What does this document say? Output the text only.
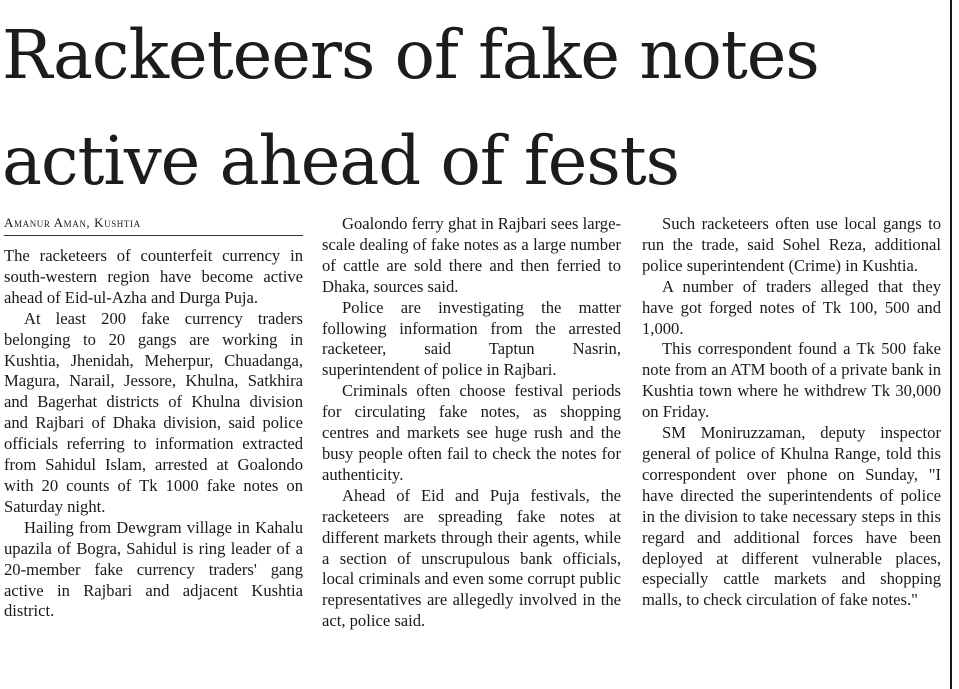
Racketeers of fake notes
active ahead of fests
Amanur Aman, Kushtia

The racketeers of counterfeit currency in south-western region have become active ahead of Eid-ul-Azha and Durga Puja.

At least 200 fake currency traders belonging to 20 gangs are working in Kushtia, Jhenidah, Meherpur, Chuadanga, Magura, Narail, Jessore, Khulna, Satkhira and Bagerhat districts of Khulna division and Rajbari of Dhaka division, said police officials referring to information extracted from Sahidul Islam, arrested at Goalondo with 20 counts of Tk 1000 fake notes on Saturday night.

Hailing from Dewgram village in Kahalu upazila of Bogra, Sahidul is ring leader of a 20-member fake currency traders' gang active in Rajbari and adjacent Kushtia district.

Goalondo ferry ghat in Rajbari sees large-scale dealing of fake notes as a large number of cattle are sold there and then ferried to Dhaka, sources said.

Police are investigating the matter following information from the arrested racketeer, said Taptun Nasrin, superintendent of police in Rajbari.

Criminals often choose festival periods for circulating fake notes, as shopping centres and markets see huge rush and the busy people often fail to check the notes for authenticity.

Ahead of Eid and Puja festivals, the racketeers are spreading fake notes at different markets through their agents, while a section of unscrupulous bank officials, local criminals and even some corrupt public representatives are allegedly involved in the act, police said.

Such racketeers often use local gangs to run the trade, said Sohel Reza, additional police superintendent (Crime) in Kushtia.

A number of traders alleged that they have got forged notes of Tk 100, 500 and 1,000.

This correspondent found a Tk 500 fake note from an ATM booth of a private bank in Kushtia town where he withdrew Tk 30,000 on Friday.

SM Moniruzzaman, deputy inspector general of police of Khulna Range, told this correspondent over phone on Sunday, "I have directed the superintendents of police in the division to take necessary steps in this regard and additional forces have been deployed at different vulnerable places, especially cattle markets and shopping malls, to check circulation of fake notes."
